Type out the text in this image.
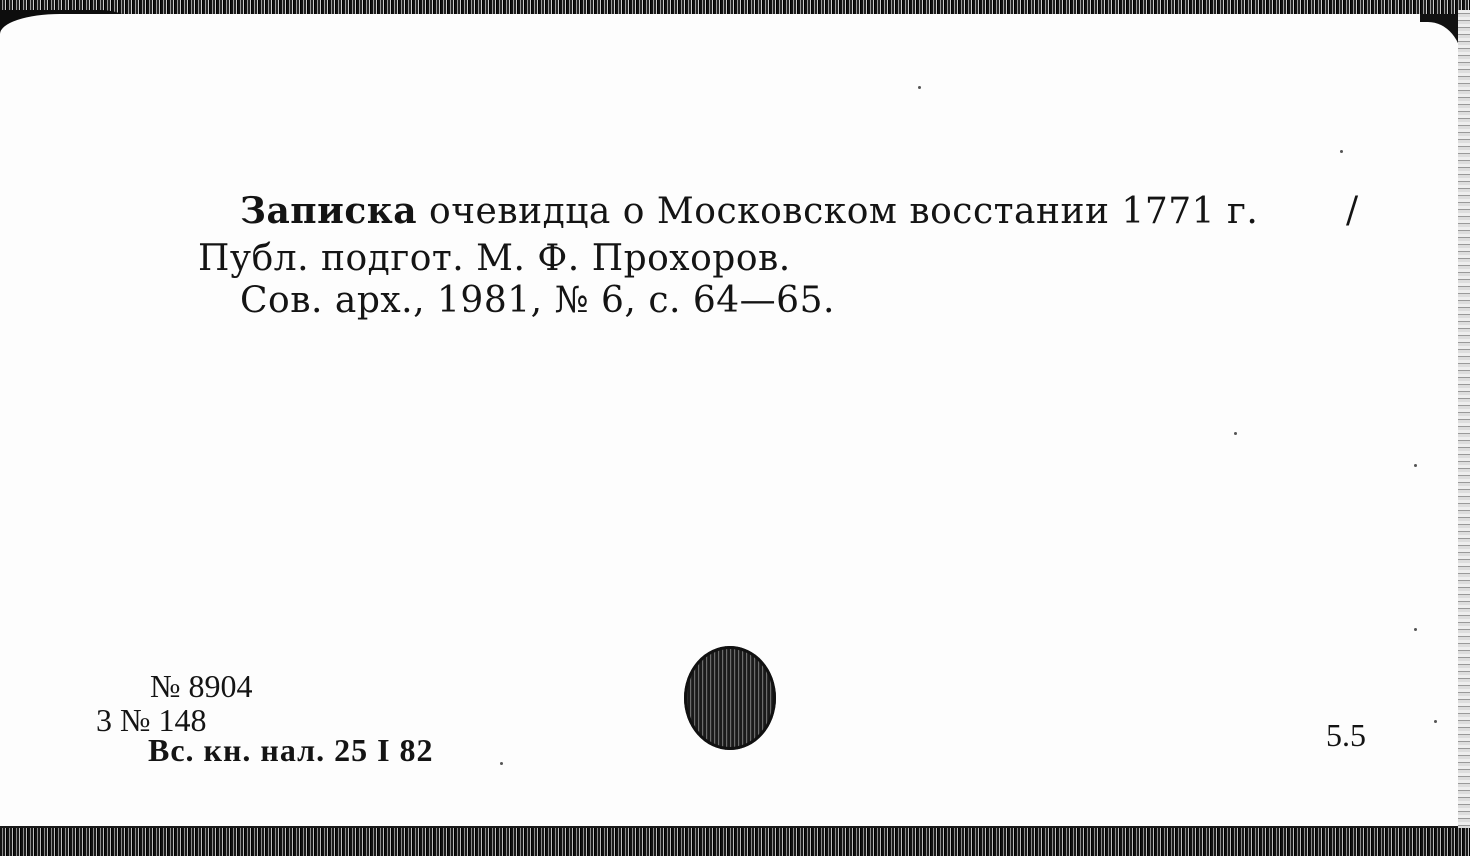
Записка очевидца о Московском восстании 1771 г. /
Публ. подгот. М. Ф. Прохоров.
Сов. арх., 1981, № 6, с. 64—65.
№ 8904
3 № 148
Вс. кн. нал. 25 I 82	5.5
